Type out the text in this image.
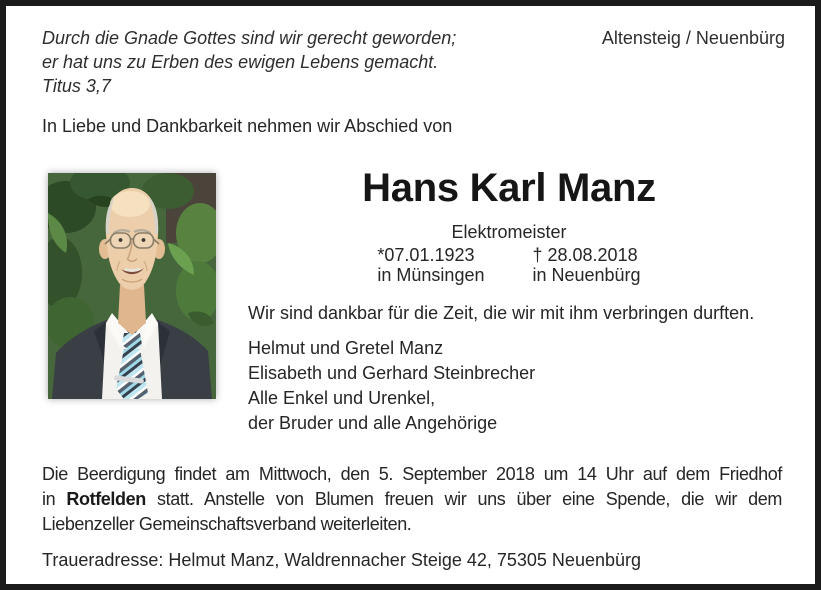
Durch die Gnade Gottes sind wir gerecht geworden;
er hat uns zu Erben des ewigen Lebens gemacht.
Titus 3,7
Altensteig / Neuenbürg
In Liebe und Dankbarkeit nehmen wir Abschied von
Hans Karl Manz
Elektromeister
*07.01.1923
in Münsingen
† 28.08.2018
in Neuenbürg
Wir sind dankbar für die Zeit, die wir mit ihm verbringen durften.
Helmut und Gretel Manz
Elisabeth und Gerhard Steinbrecher
Alle Enkel und Urenkel,
der Bruder und alle Angehörige
Die Beerdigung findet am Mittwoch, den 5. September 2018 um 14 Uhr auf dem Friedhof
in Rotfelden statt. Anstelle von Blumen freuen wir uns über eine Spende, die wir dem
Liebenzeller Gemeinschaftsverband weiterleiten.
Traueradresse: Helmut Manz, Waldrennacher Steige 42, 75305 Neuenbürg
